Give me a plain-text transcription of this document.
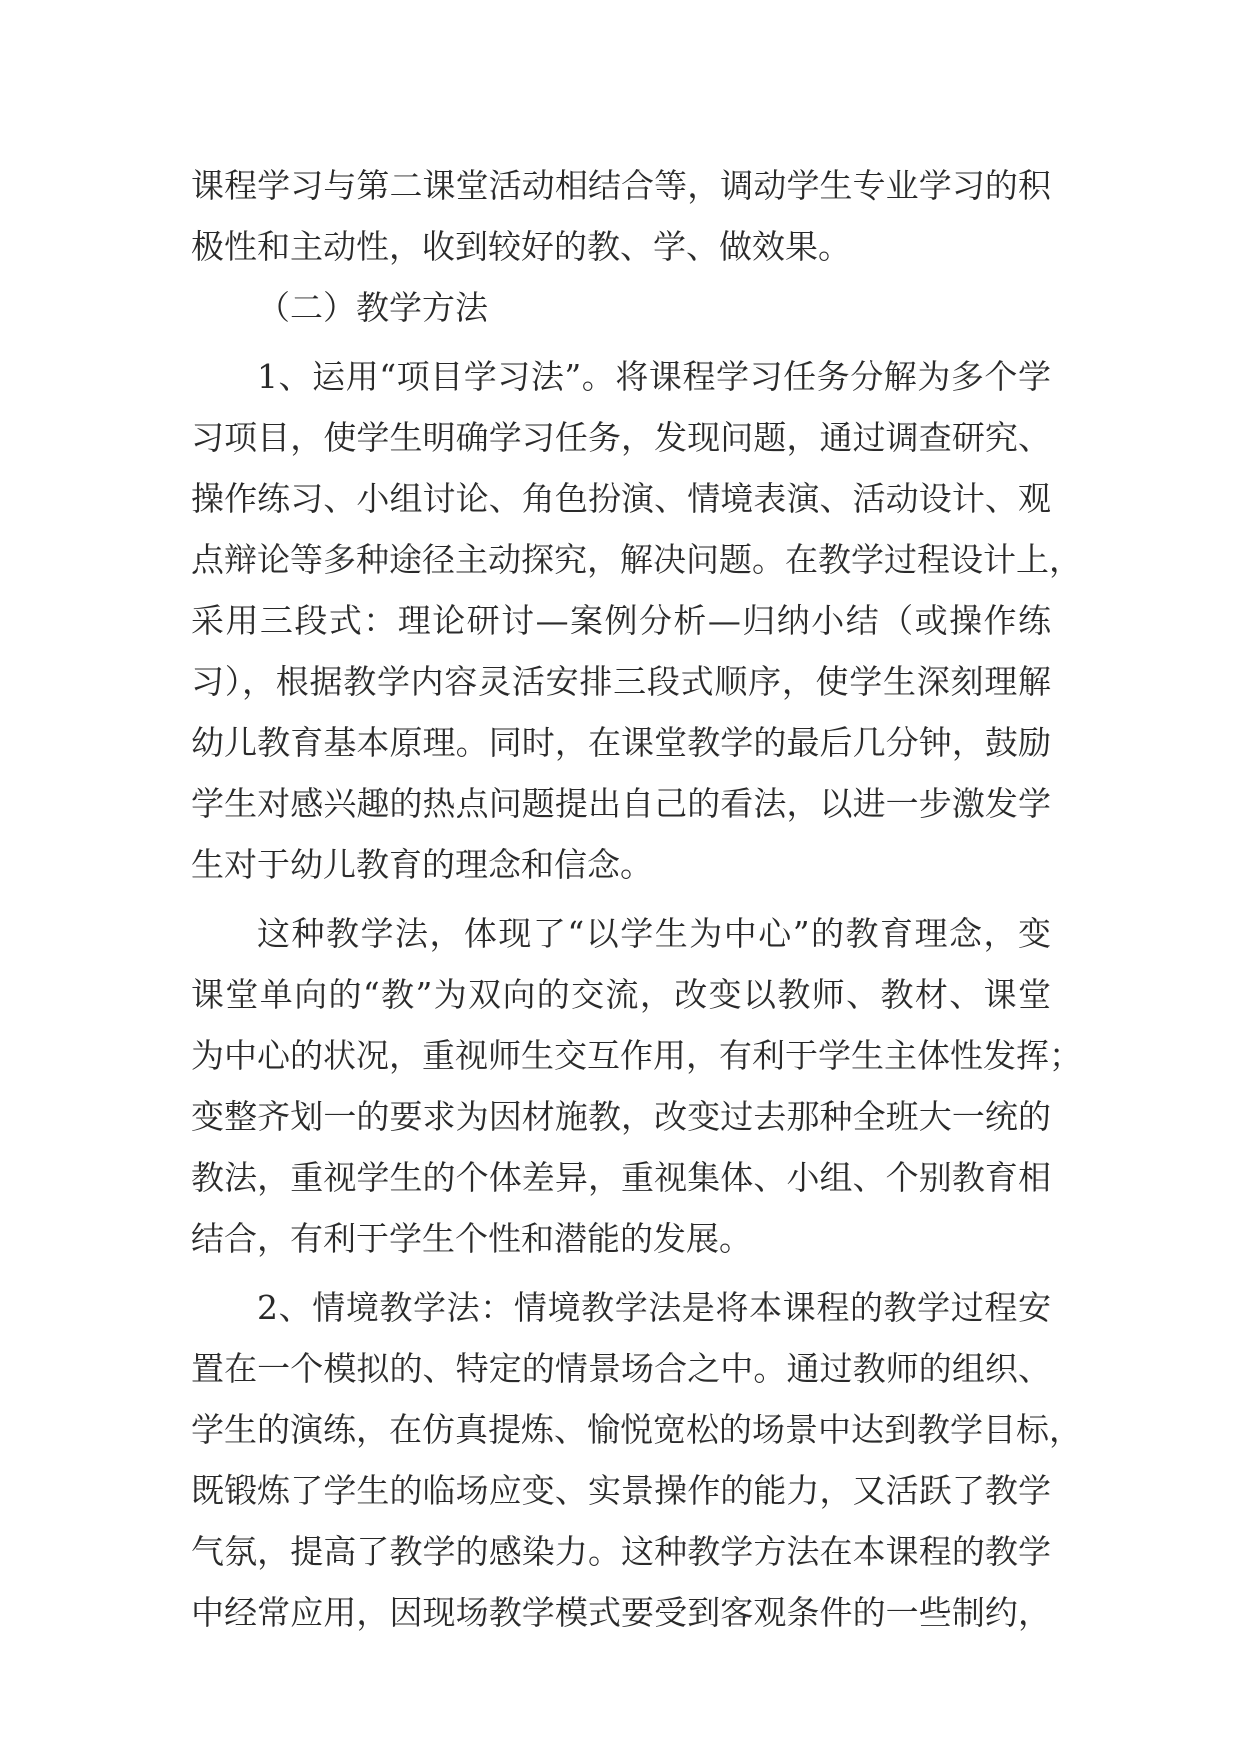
课程学习与第二课堂活动相结合等，调动学生专业学习的积
极性和主动性，收到较好的教、学、做效果。
（二）教学方法
1、运用“项目学习法”。将课程学习任务分解为多个学
习项目，使学生明确学习任务，发现问题，通过调查研究、
操作练习、小组讨论、角色扮演、情境表演、活动设计、观
点辩论等多种途径主动探究，解决问题。在教学过程设计上，
采用三段式：理论研讨—案例分析—归纳小结（或操作练
习），根据教学内容灵活安排三段式顺序，使学生深刻理解
幼儿教育基本原理。同时，在课堂教学的最后几分钟，鼓励
学生对感兴趣的热点问题提出自己的看法，以进一步激发学
生对于幼儿教育的理念和信念。
这种教学法，体现了“以学生为中心”的教育理念，变
课堂单向的“教”为双向的交流，改变以教师、教材、课堂
为中心的状况，重视师生交互作用，有利于学生主体性发挥；
变整齐划一的要求为因材施教，改变过去那种全班大一统的
教法，重视学生的个体差异，重视集体、小组、个别教育相
结合，有利于学生个性和潜能的发展。
2、情境教学法：情境教学法是将本课程的教学过程安
置在一个模拟的、特定的情景场合之中。通过教师的组织、
学生的演练，在仿真提炼、愉悦宽松的场景中达到教学目标，
既锻炼了学生的临场应变、实景操作的能力，又活跃了教学
气氛，提高了教学的感染力。这种教学方法在本课程的教学
中经常应用，因现场教学模式要受到客观条件的一些制约，
